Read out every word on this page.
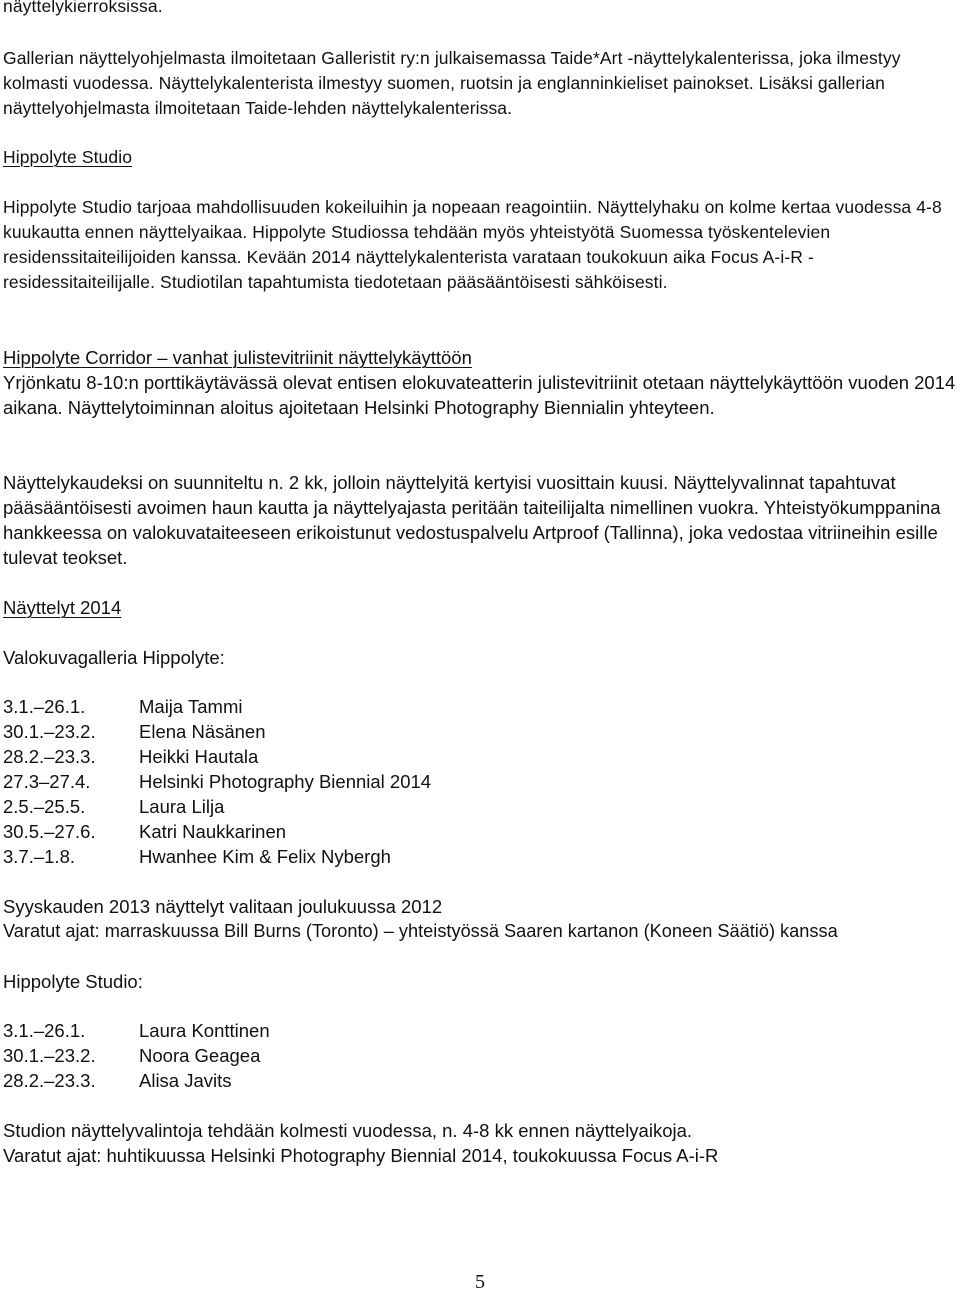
näyttelykierroksissa.

Gallerian näyttelyohjelmasta ilmoitetaan Galleristit ry:n julkaisemassa Taide*Art -näyttelykalenterissa, joka ilmestyy kolmasti vuodessa. Näyttelykalenterista ilmestyy suomen, ruotsin ja englanninkieliset painokset. Lisäksi gallerian näyttelyohjelmasta ilmoitetaan Taide-lehden näyttelykalenterissa.

Hippolyte Studio

Hippolyte Studio tarjoaa mahdollisuuden kokeiluihin ja nopeaan reagointiin. Näyttelyhaku on kolme kertaa vuodessa 4-8 kuukautta ennen näyttelyaikaa. Hippolyte Studiossa tehdään myös yhteistyötä Suomessa työskentelevien residenssitaiteilijoiden kanssa. Kevään 2014 näyttelykalenterista varataan toukokuun aika Focus A-i-R -residessitaiteilijalle. Studiotilan tapahtumista tiedotetaan pääsääntöisesti sähköisesti.

Hippolyte Corridor – vanhat julistevitriinit näyttelykäyttöön

Yrjönkatu 8-10:n porttikäytävässä olevat entisen elokuvateatterin julistevitriinit otetaan näyttelykäyttöön vuoden 2014 aikana. Näyttelytoiminnan aloitus ajoitetaan Helsinki Photography Biennialin yhteyteen.

Näyttelykaudeksi on suunniteltu n. 2 kk, jolloin näyttelyitä kertyisi vuosittain kuusi. Näyttelyvalinnat tapahtuvat pääsääntöisesti avoimen haun kautta ja näyttelyajasta peritään taiteilijalta nimellinen vuokra. Yhteistyökumppanina hankkeessa on valokuvataiteeseen erikoistunut vedostuspalvelu Artproof (Tallinna), joka vedostaa vitriineihin esille tulevat teokset.

Näyttelyt 2014

Valokuvagalleria Hippolyte:

3.1.–26.1.	Maija Tammi
30.1.–23.2. Elena Näsänen
28.2.–23.3. Heikki Hautala
27.3–27.4.	Helsinki Photography Biennial 2014
2.5.–25.5.	Laura Lilja
30.5.–27.6. Katri Naukkarinen
3.7.–1.8.	Hwanhee Kim & Felix Nybergh

Syyskauden 2013 näyttelyt valitaan joulukuussa 2012

Varatut ajat: marraskuussa Bill Burns (Toronto) – yhteistyössä Saaren kartanon (Koneen Säätiö) kanssa

Hippolyte Studio:

3.1.–26.1.	Laura Konttinen
30.1.–23.2. Noora Geagea
28.2.–23.3. Alisa Javits

Studion näyttelyvalintoja tehdään kolmesti vuodessa, n. 4-8 kk ennen näyttelyaikoja.

Varatut ajat: huhtikuussa Helsinki Photography Biennial 2014, toukokuussa Focus A-i-R

5
